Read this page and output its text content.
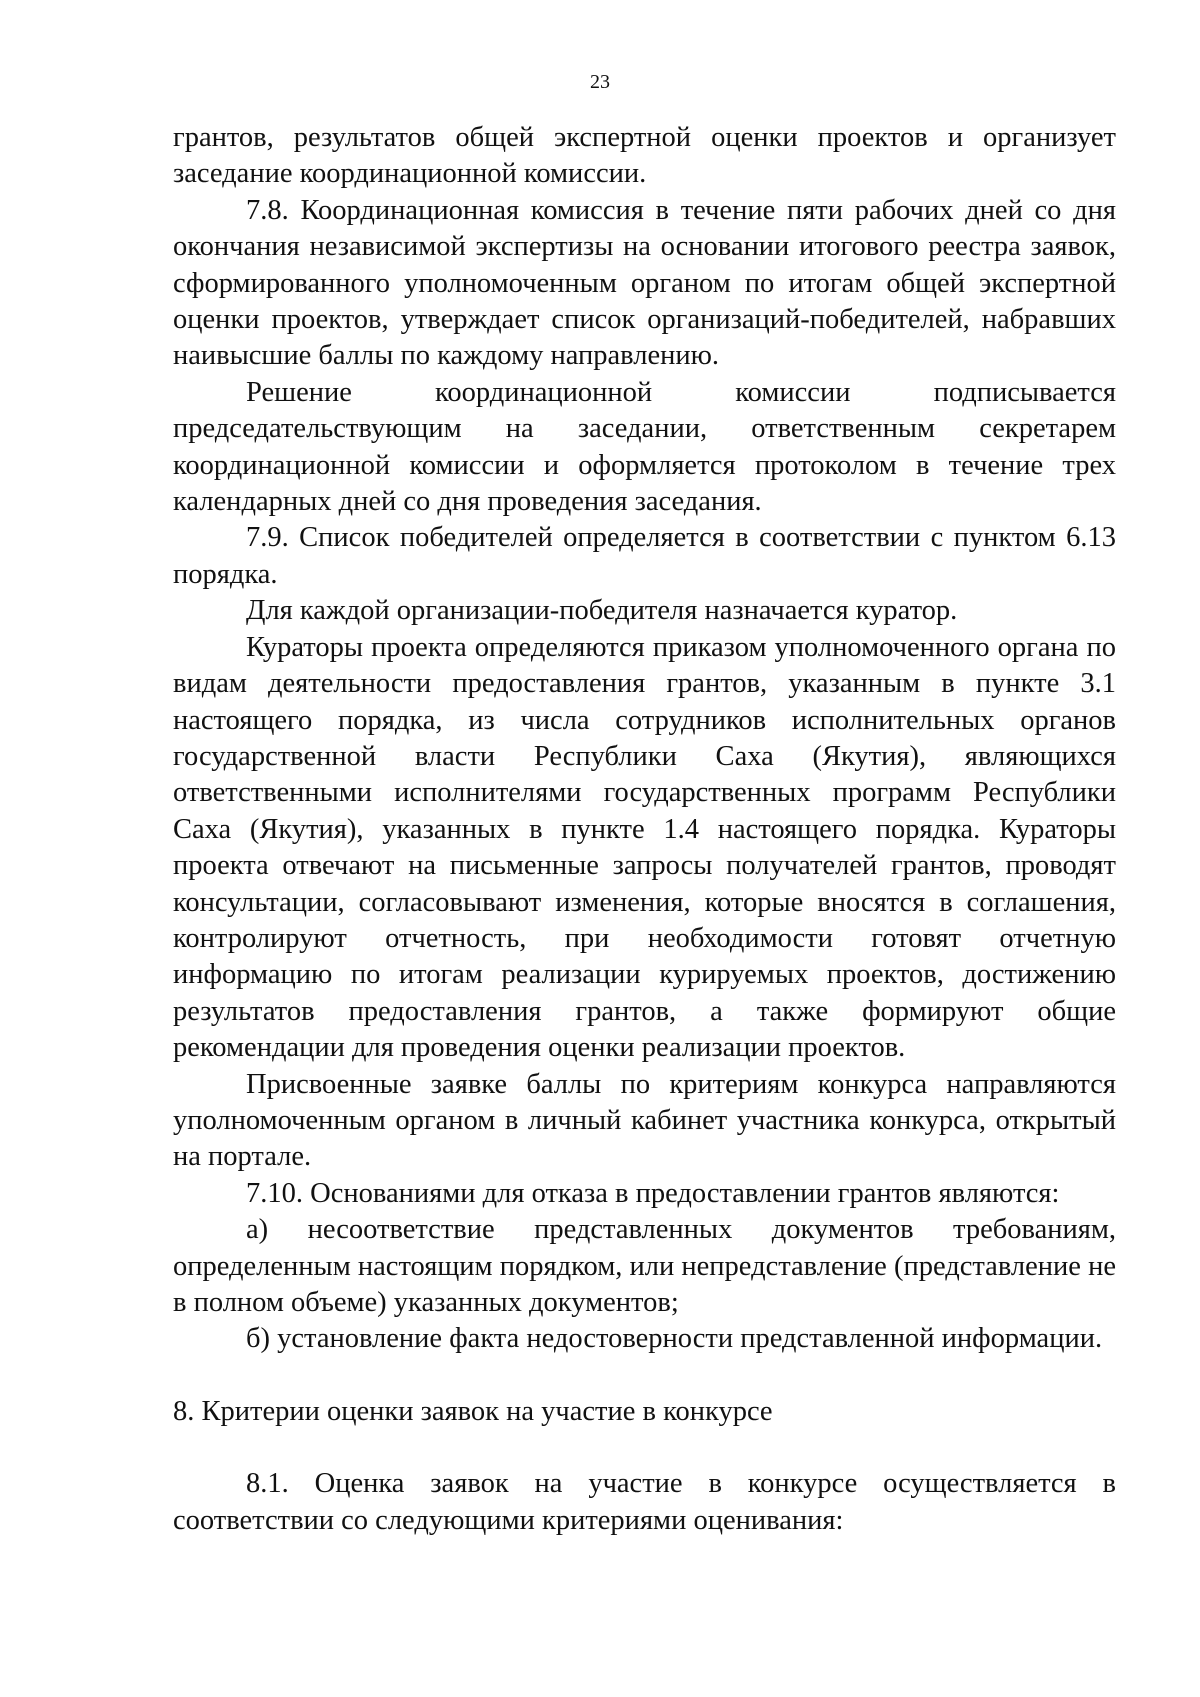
23

грантов, результатов общей экспертной оценки проектов и организует заседание координационной комиссии.

7.8. Координационная комиссия в течение пяти рабочих дней со дня окончания независимой экспертизы на основании итогового реестра заявок, сформированного уполномоченным органом по итогам общей экспертной оценки проектов, утверждает список организаций-победителей, набравших наивысшие баллы по каждому направлению.

Решение координационной комиссии подписывается председательствующим на заседании, ответственным секретарем координационной комиссии и оформляется протоколом в течение трех календарных дней со дня проведения заседания.

7.9. Список победителей определяется в соответствии с пунктом 6.13 порядка.

Для каждой организации-победителя назначается куратор.

Кураторы проекта определяются приказом уполномоченного органа по видам деятельности предоставления грантов, указанным в пункте 3.1 настоящего порядка, из числа сотрудников исполнительных органов государственной власти Республики Саха (Якутия), являющихся ответственными исполнителями государственных программ Республики Саха (Якутия), указанных в пункте 1.4 настоящего порядка. Кураторы проекта отвечают на письменные запросы получателей грантов, проводят консультации, согласовывают изменения, которые вносятся в соглашения, контролируют отчетность, при необходимости готовят отчетную информацию по итогам реализации курируемых проектов, достижению результатов предоставления грантов, а также формируют общие рекомендации для проведения оценки реализации проектов.

Присвоенные заявке баллы по критериям конкурса направляются уполномоченным органом в личный кабинет участника конкурса, открытый на портале.

7.10. Основаниями для отказа в предоставлении грантов являются:

а) несоответствие представленных документов требованиям, определенным настоящим порядком, или непредставление (представление не в полном объеме) указанных документов;

б) установление факта недостоверности представленной информации.

8. Критерии оценки заявок на участие в конкурсе

8.1. Оценка заявок на участие в конкурсе осуществляется в соответствии со следующими критериями оценивания:
